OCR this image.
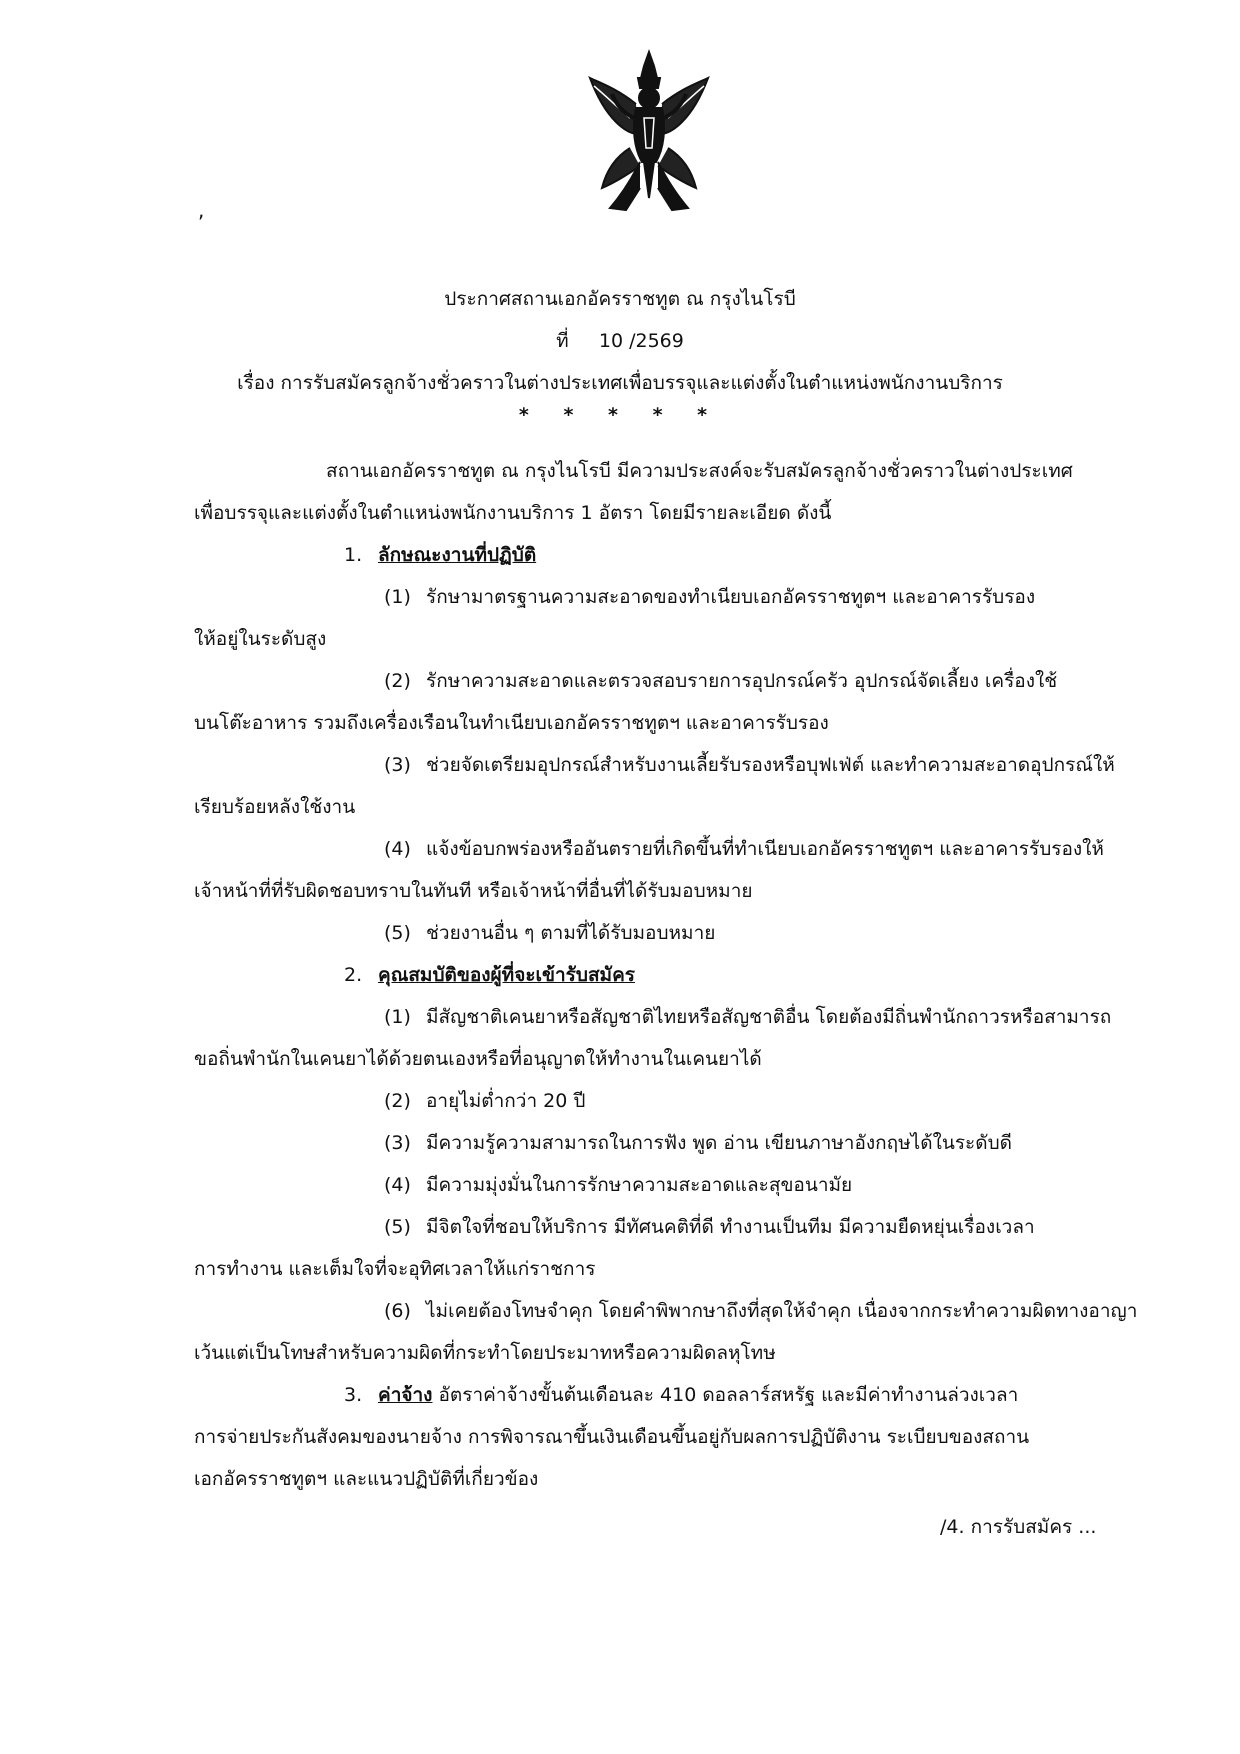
,
ประกาศสถานเอกอัครราชทูต ณ กรุงไนโรบี
ที่ 10 /2569
เรื่อง การรับสมัครลูกจ้างชั่วคราวในต่างประเทศเพื่อบรรจุและแต่งตั้งในตำแหน่งพนักงานบริการ
* * * * *
สถานเอกอัครราชทูต ณ กรุงไนโรบี มีความประสงค์จะรับสมัครลูกจ้างชั่วคราวในต่างประเทศ
เพื่อบรรจุและแต่งตั้งในตำแหน่งพนักงานบริการ 1 อัตรา โดยมีรายละเอียด ดังนี้
1. ลักษณะงานที่ปฏิบัติ
(1) รักษามาตรฐานความสะอาดของทำเนียบเอกอัครราชทูตฯ และอาคารรับรอง
ให้อยู่ในระดับสูง
(2) รักษาความสะอาดและตรวจสอบรายการอุปกรณ์ครัว อุปกรณ์จัดเลี้ยง เครื่องใช้
บนโต๊ะอาหาร รวมถึงเครื่องเรือนในทำเนียบเอกอัครราชทูตฯ และอาคารรับรอง
(3) ช่วยจัดเตรียมอุปกรณ์สำหรับงานเลี้ยรับรองหรือบุฟเฟ่ต์ และทำความสะอาดอุปกรณ์ให้
เรียบร้อยหลังใช้งาน
(4) แจ้งข้อบกพร่องหรืออันตรายที่เกิดขึ้นที่ทำเนียบเอกอัครราชทูตฯ และอาคารรับรองให้
เจ้าหน้าที่ที่รับผิดชอบทราบในทันที หรือเจ้าหน้าที่อื่นที่ได้รับมอบหมาย
(5) ช่วยงานอื่น ๆ ตามที่ได้รับมอบหมาย
2. คุณสมบัติของผู้ที่จะเข้ารับสมัคร
(1) มีสัญชาติเคนยาหรือสัญชาติไทยหรือสัญชาติอื่น โดยต้องมีถิ่นพำนักถาวรหรือสามารถ
ขอถิ่นพำนักในเคนยาได้ด้วยตนเองหรือที่อนุญาตให้ทำงานในเคนยาได้
(2) อายุไม่ต่ำกว่า 20 ปี
(3) มีความรู้ความสามารถในการฟัง พูด อ่าน เขียนภาษาอังกฤษได้ในระดับดี
(4) มีความมุ่งมั่นในการรักษาความสะอาดและสุขอนามัย
(5) มีจิตใจที่ชอบให้บริการ มีทัศนคติที่ดี ทำงานเป็นทีม มีความยืดหยุ่นเรื่องเวลา
การทำงาน และเต็มใจที่จะอุทิศเวลาให้แก่ราชการ
(6) ไม่เคยต้องโทษจำคุก โดยคำพิพากษาถึงที่สุดให้จำคุก เนื่องจากกระทำความผิดทางอาญา
เว้นแต่เป็นโทษสำหรับความผิดที่กระทำโดยประมาทหรือความผิดลหุโทษ
3. ค่าจ้าง อัตราค่าจ้างขั้นต้นเดือนละ 410 ดอลลาร์สหรัฐ และมีค่าทำงานล่วงเวลา
การจ่ายประกันสังคมของนายจ้าง การพิจารณาขึ้นเงินเดือนขึ้นอยู่กับผลการปฏิบัติงาน ระเบียบของสถาน
เอกอัครราชทูตฯ และแนวปฏิบัติที่เกี่ยวข้อง
/4. การรับสมัคร ...
